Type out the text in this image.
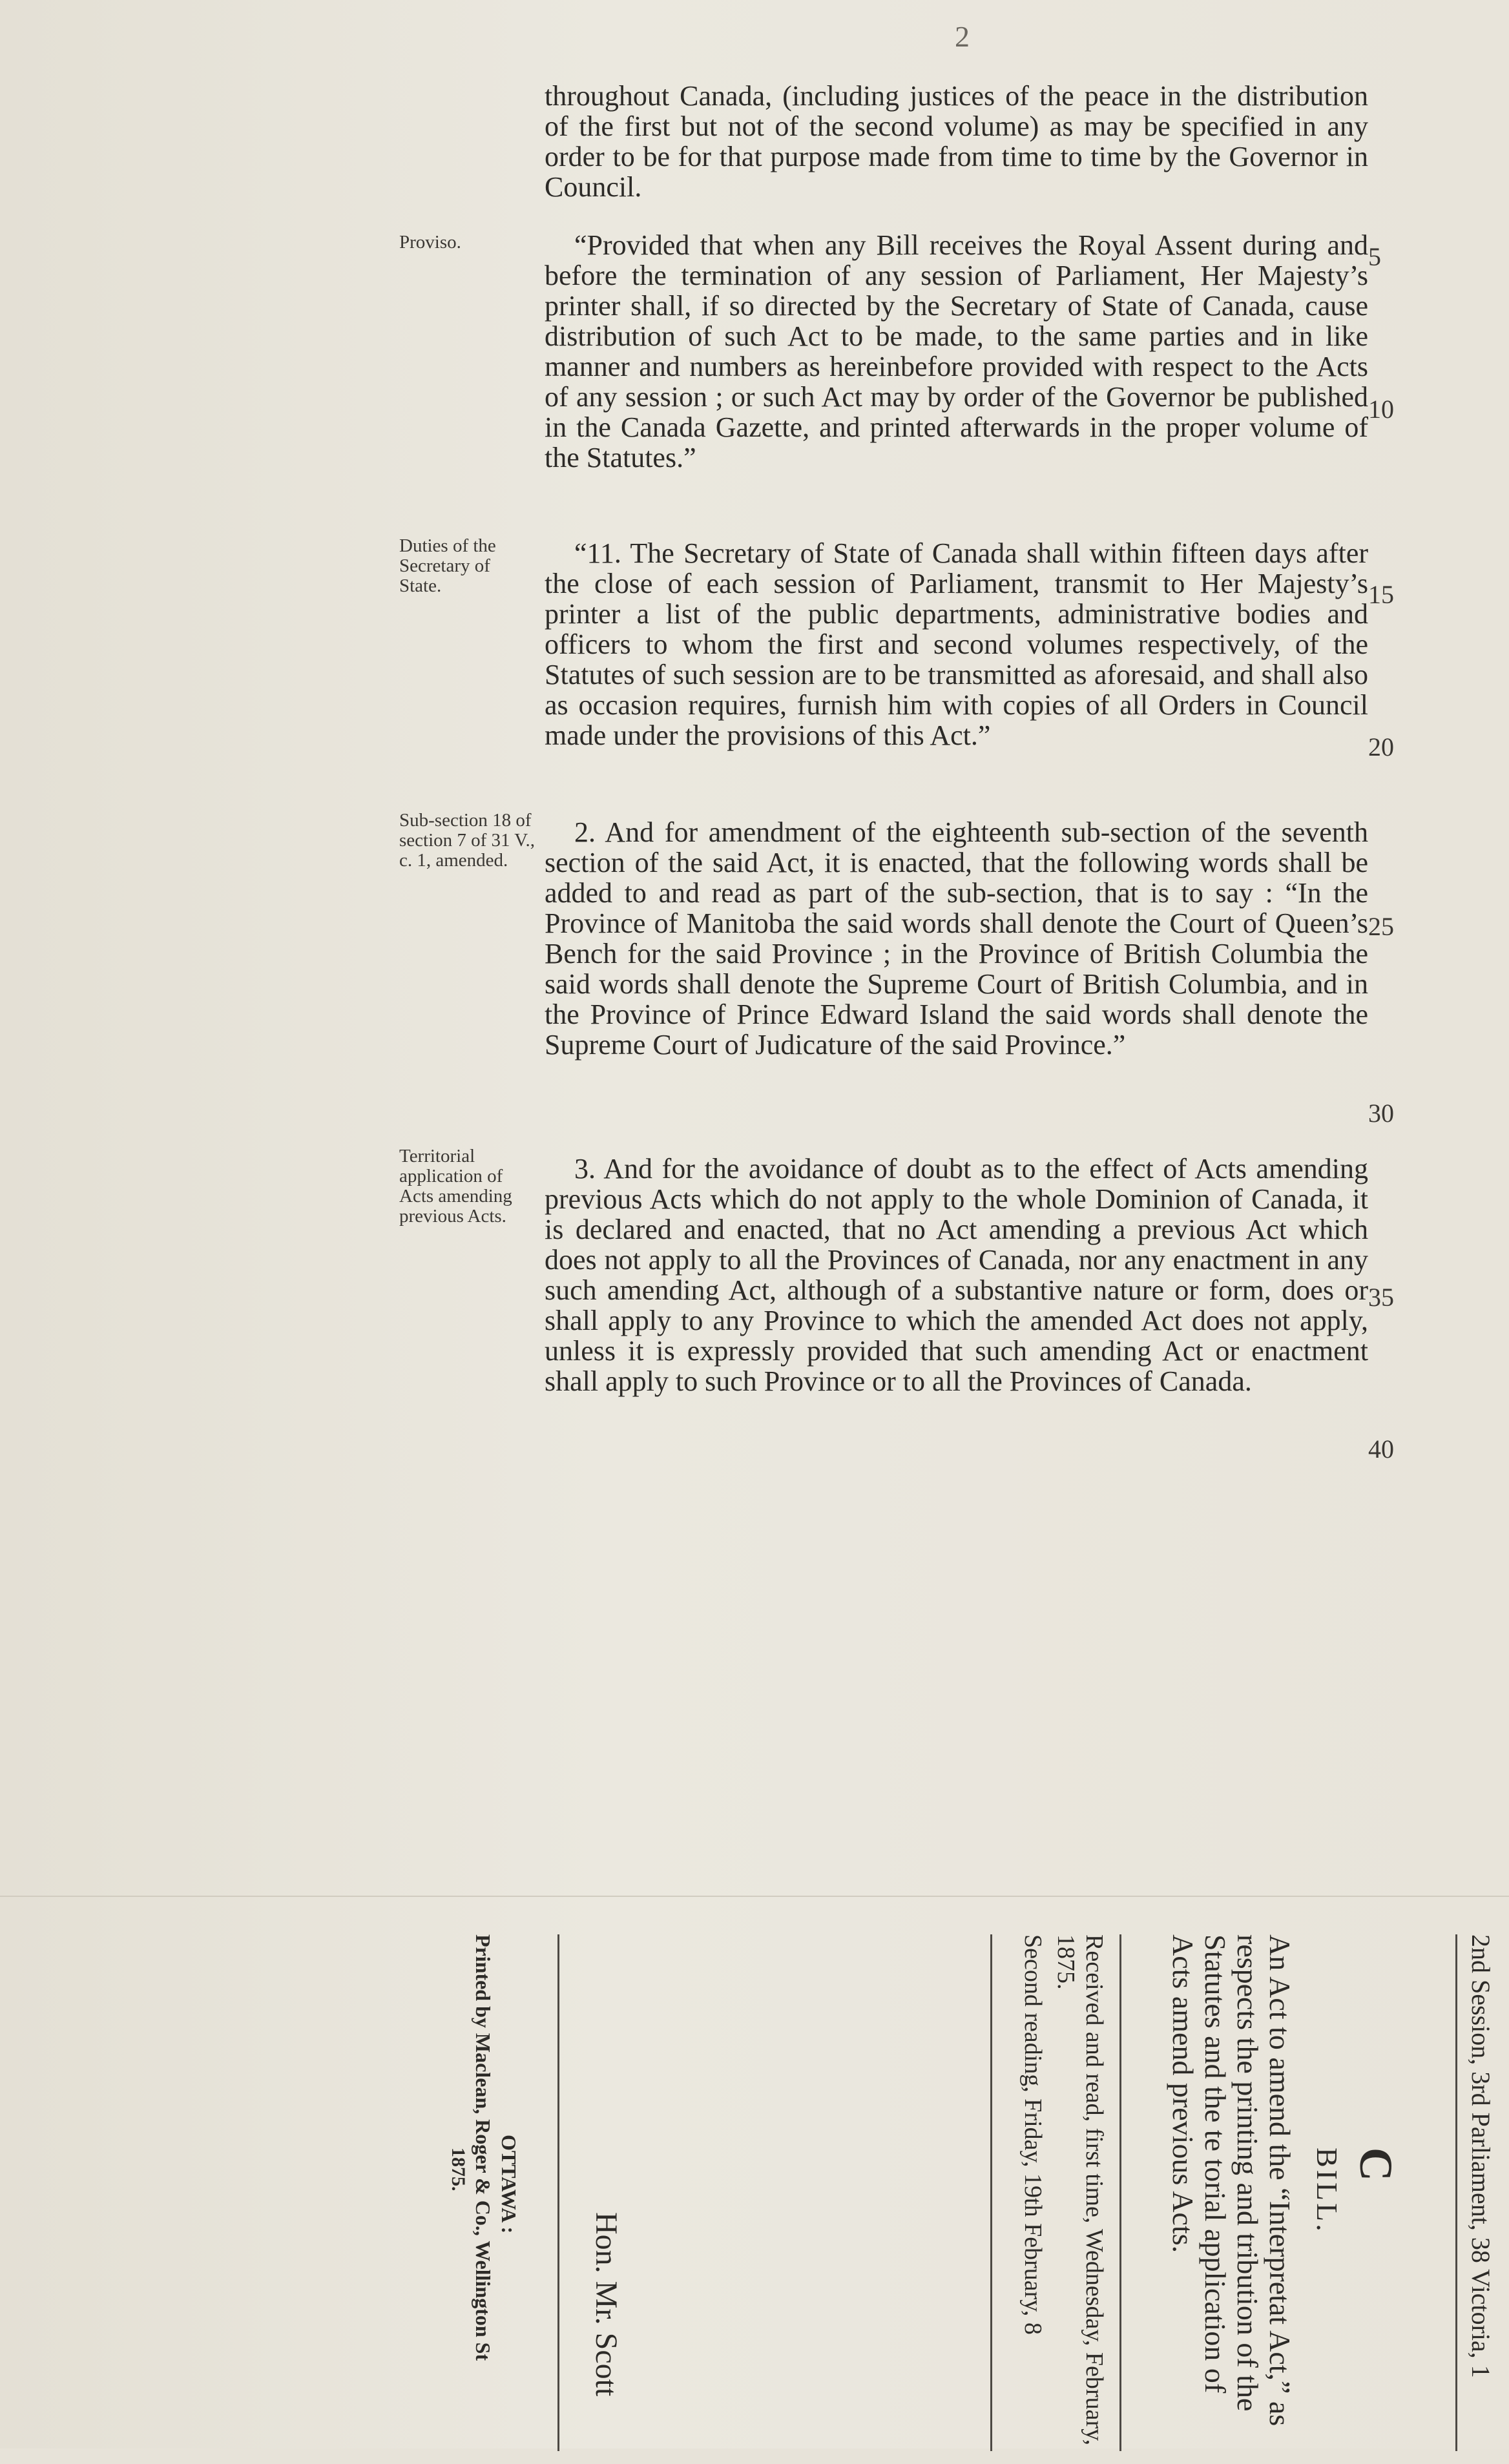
2

throughout Canada, (including justices of the peace in the distribution of the first but not of the second volume) as may be specified in any order to be for that purpose made from time to time by the Governor in Council.

“Provided that when any Bill receives the Royal Assent during and before the termination of any session of Parliament, Her Majesty’s printer shall, if so directed by the Secretary of State of Canada, cause distribution of such Act to be made, to the same parties and in like manner and numbers as hereinbefore provided with respect to the Acts of any session ; or such Act may by order of the Governor be published in the Canada Gazette, and printed afterwards in the proper volume of the Statutes.”

“11. The Secretary of State of Canada shall within fifteen days after the close of each session of Parliament, transmit to Her Majesty’s printer a list of the public departments, administrative bodies and officers to whom the first and second volumes respectively, of the Statutes of such session are to be transmitted as aforesaid, and shall also as occasion requires, furnish him with copies of all Orders in Council made under the provisions of this Act.”

2. And for amendment of the eighteenth sub-section of the seventh section of the said Act, it is enacted, that the following words shall be added to and read as part of the sub-section, that is to say : “In the Province of Manitoba the said words shall denote the Court of Queen’s Bench for the said Province ; in the Province of British Columbia the said words shall denote the Supreme Court of British Columbia, and in the Province of Prince Edward Island the said words shall denote the Supreme Court of Judicature of the said Province.”

3. And for the avoidance of doubt as to the effect of Acts amending previous Acts which do not apply to the whole Dominion of Canada, it is declared and enacted, that no Act amending a previous Act which does not apply to all the Provinces of Canada, nor any enactment in any such amending Act, although of a substantive nature or form, does or shall apply to any Province to which the amended Act does not apply, unless it is expressly provided that such amending Act or enactment shall apply to such Province or to all the Provinces of Canada.

Proviso.
Duties of the Secretary of State.
Sub-section 18 of section 7 of 31 V., c. 1, amended.
Territorial application of Acts amending previous Acts.
5
10
15
20
25
30
35
40
2nd Session, 3rd Parliament, 38 Victoria, 1
C
BILL.
An Act to amend the “Interpretat Act,” as respects the printing and tribution of the Statutes and the te torial application of Acts amend previous Acts.
Received and read, first time, Wednesday, February, 1875.
Second reading, Friday, 19th February, 8
Hon. Mr. Scott
OTTAWA :
Printed by Maclean, Roger & Co., Wellington St
1875.
